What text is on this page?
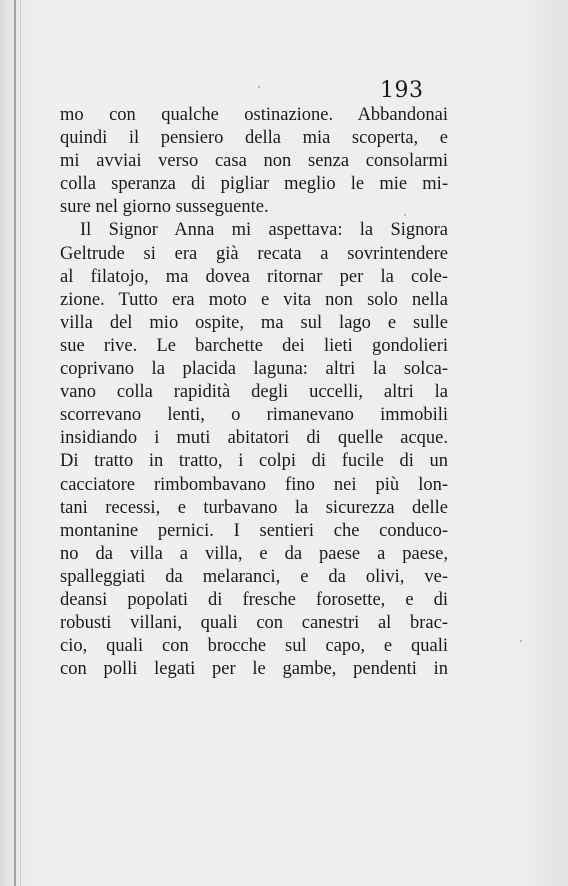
193
mo con qualche ostinazione. Abbandonai
quindi il pensiero della mia scoperta, e
mi avviai verso casa non senza consolarmi
colla speranza di pigliar meglio le mie mi-
sure nel giorno susseguente.
Il Signor Anna mi aspettava: la Signora
Geltrude si era già recata a sovrintendere
al filatojo, ma dovea ritornar per la cole-
zione. Tutto era moto e vita non solo nella
villa del mio ospite, ma sul lago e sulle
sue rive. Le barchette dei lieti gondolieri
coprivano la placida laguna: altri la solca-
vano colla rapidità degli uccelli, altri la
scorrevano lenti, o rimanevano immobili
insidiando i muti abitatori di quelle acque.
Di tratto in tratto, i colpi di fucile di un
cacciatore rimbombavano fino nei più lon-
tani recessi, e turbavano la sicurezza delle
montanine pernici. I sentieri che conduco-
no da villa a villa, e da paese a paese,
spalleggiati da melaranci, e da olivi, ve-
deansi popolati di fresche forosette, e di
robusti villani, quali con canestri al brac-
cio, quali con brocche sul capo, e quali
con polli legati per le gambe, pendenti in
